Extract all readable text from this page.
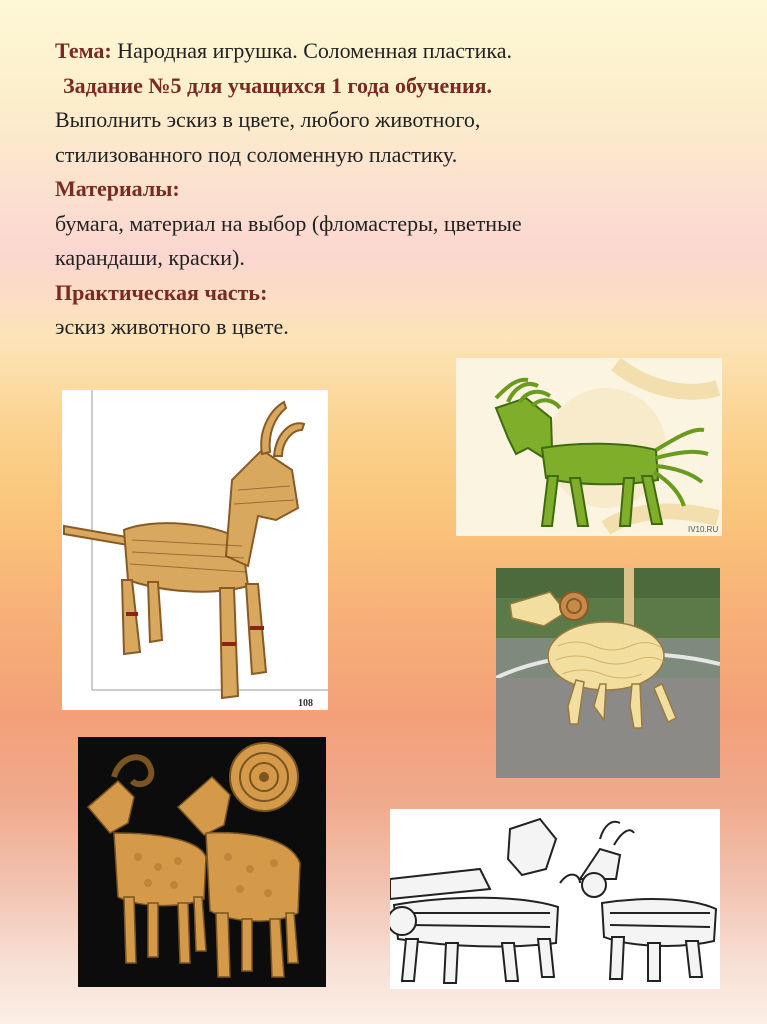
Тема: Народная игрушка. Соломенная пластика.
Задание №5 для учащихся 1 года обучения.
Выполнить эскиз в цвете, любого животного,
стилизованного под соломенную пластику.
Материалы:
бумага, материал на выбор (фломастеры, цветные
карандаши, краски).
Практическая часть:
эскиз животного в цвете.
108
IV10.RU
